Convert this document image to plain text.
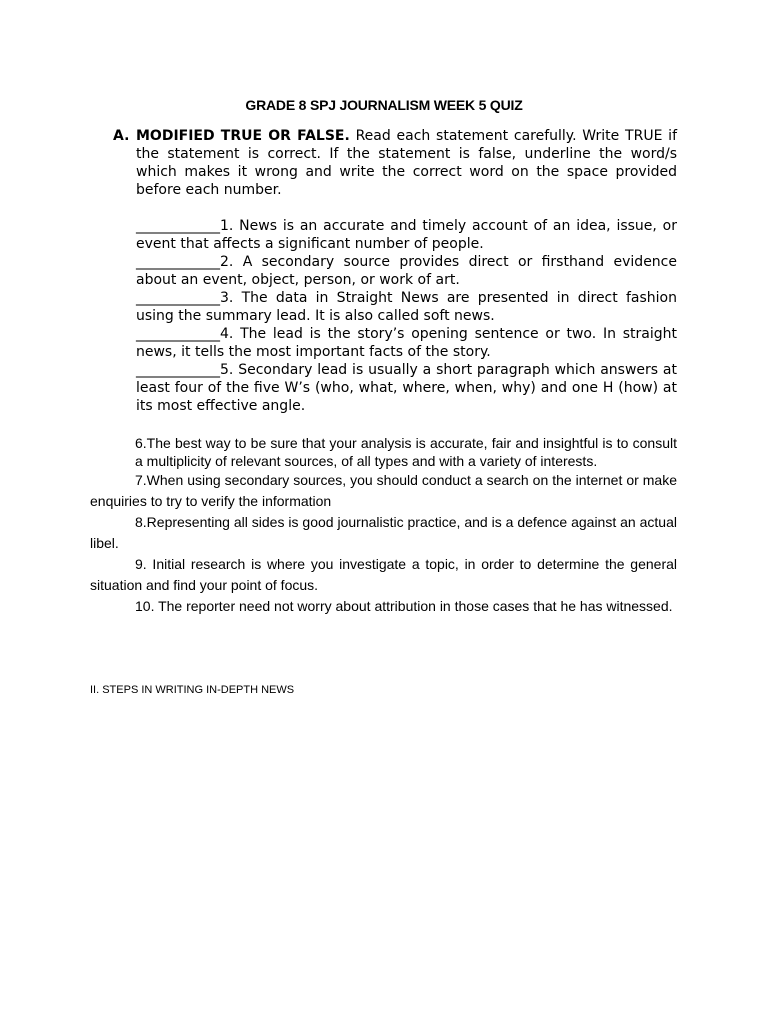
GRADE 8 SPJ JOURNALISM WEEK 5 QUIZ
A. MODIFIED TRUE OR FALSE. Read each statement carefully. Write TRUE if the statement is correct. If the statement is false, underline the word/s which makes it wrong and write the correct word on the space provided before each number.

____________1. News is an accurate and timely account of an idea, issue, or event that affects a significant number of people.

____________2. A secondary source provides direct or firsthand evidence about an event, object, person, or work of art.

____________3. The data in Straight News are presented in direct fashion using the summary lead. It is also called soft news.

____________4. The lead is the story’s opening sentence or two. In straight news, it tells the most important facts of the story.

____________5. Secondary lead is usually a short paragraph which answers at least four of the five W’s (who, what, where, when, why) and one H (how) at its most effective angle.

6.The best way to be sure that your analysis is accurate, fair and insightful is to consult a multiplicity of relevant sources, of all types and with a variety of interests.

7.When using secondary sources, you should conduct a search on the internet or make enquiries to try to verify the information

8.Representing all sides is good journalistic practice, and is a defence against an actual libel.

9. Initial research is where you investigate a topic, in order to determine the general situation and find your point of focus.

10. The reporter need not worry about attribution in those cases that he has witnessed.

II. STEPS IN WRITING IN-DEPTH NEWS
